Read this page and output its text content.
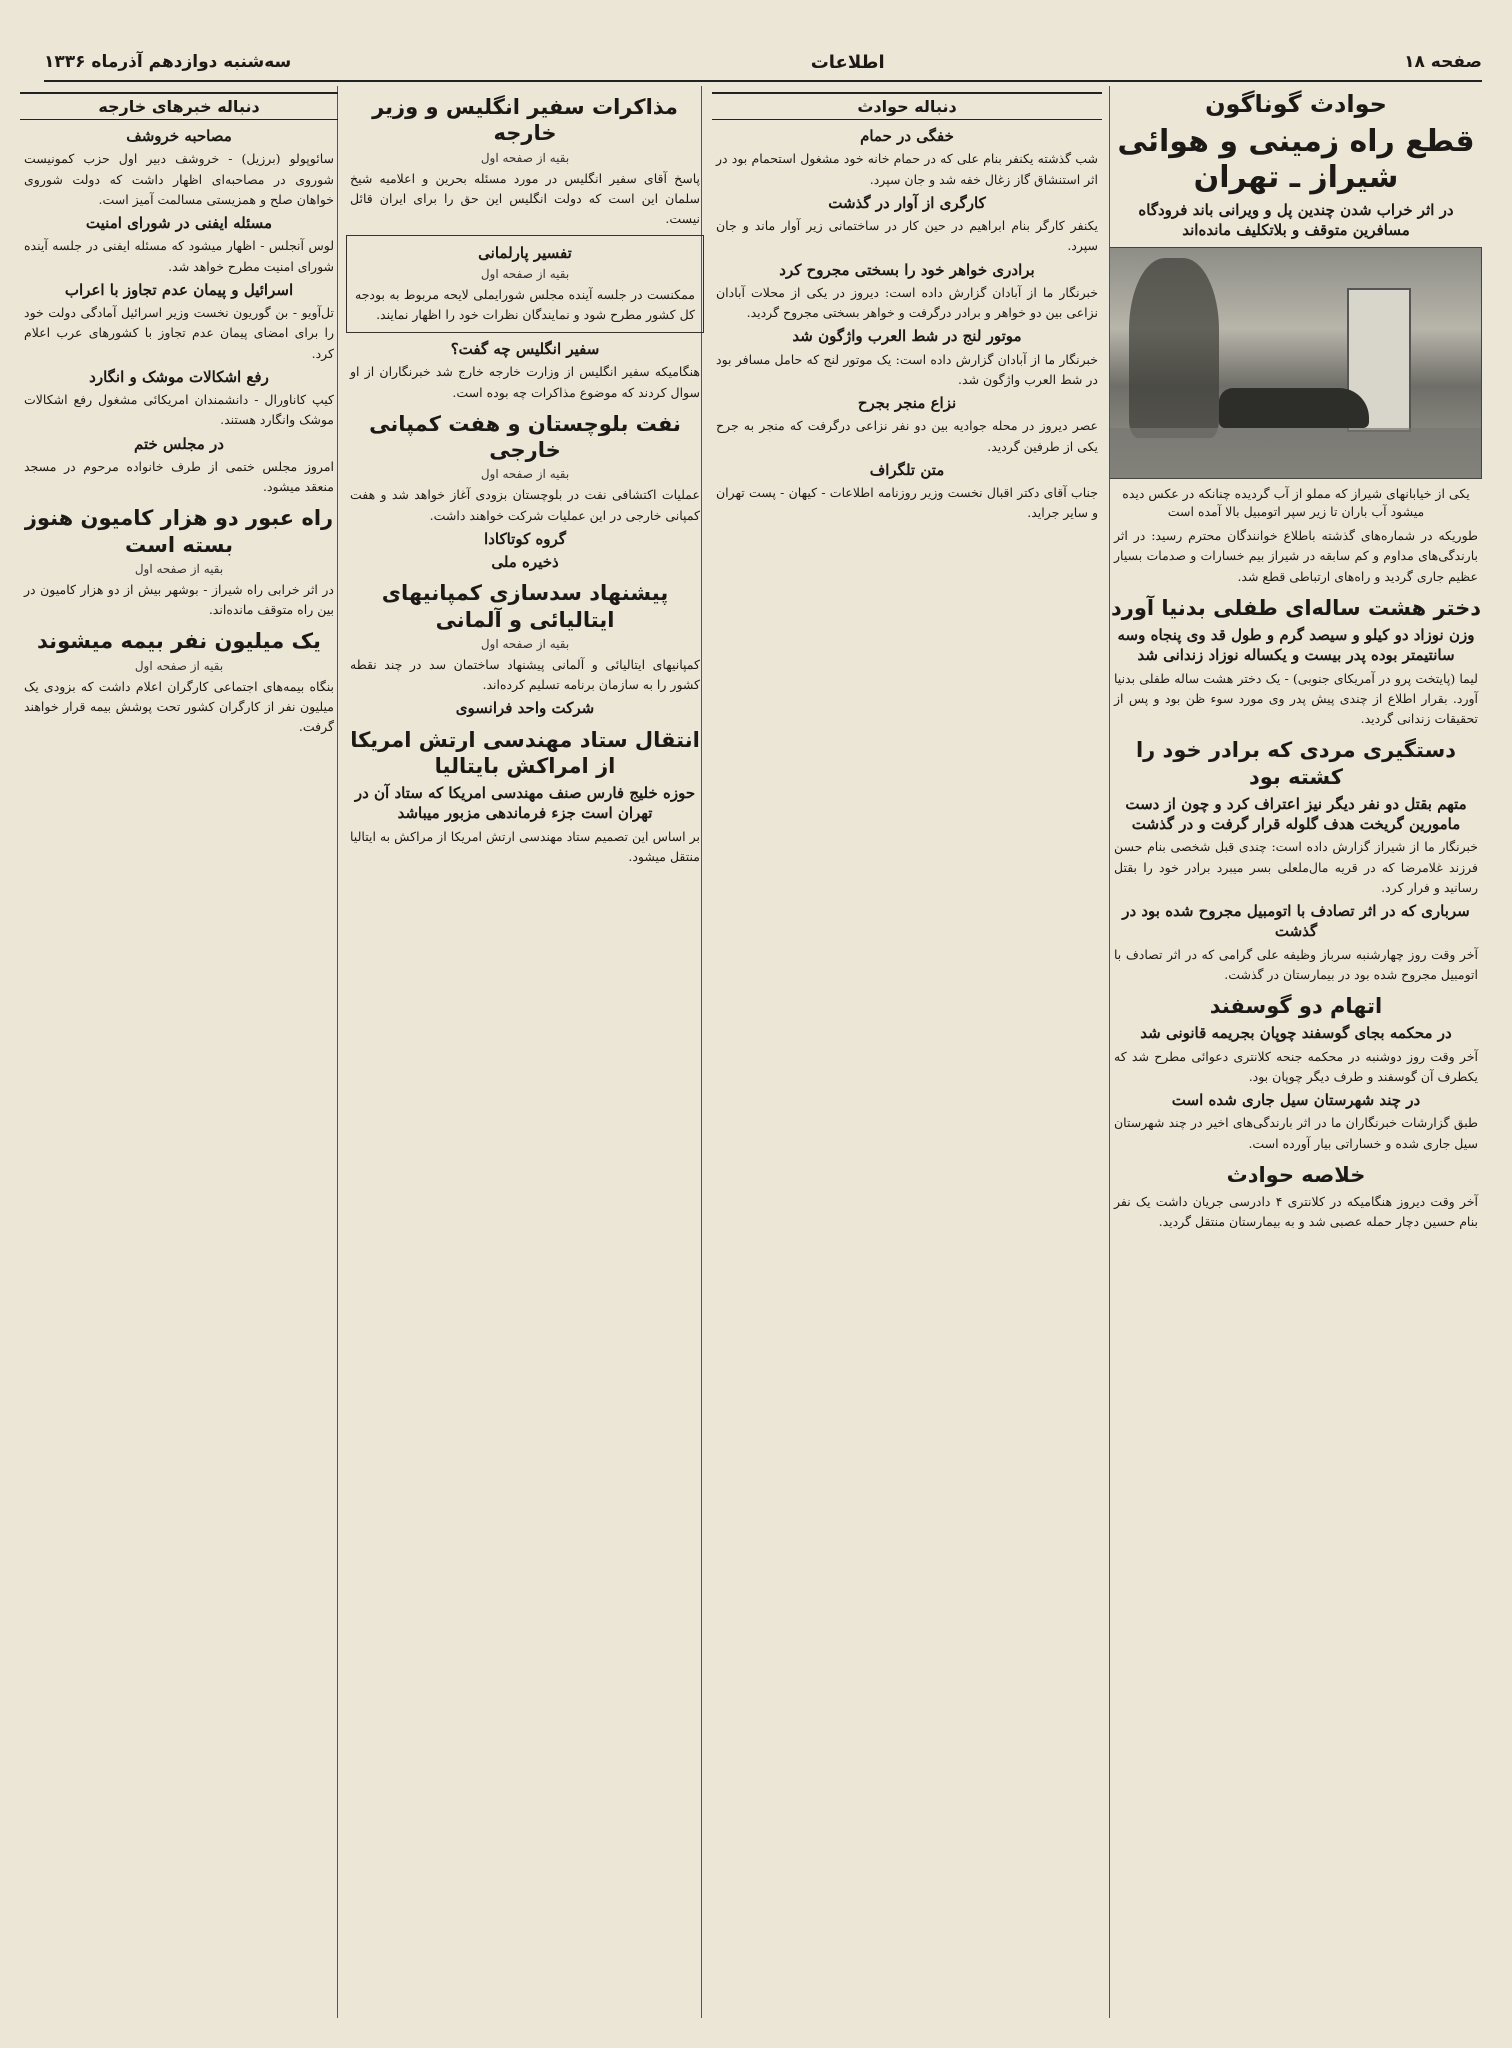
صفحه ۱۸
اطلاعات
سه‌شنبه دوازدهم آذرماه ۱۳۳۶
حوادث گوناگون
قطع راه زمینی و هوائی شیراز ـ تهران
در اثر خراب شدن چندین پل و ویرانی باند فرودگاه مسافرین متوقف و بلاتکلیف مانده‌اند
یکی از خیابانهای شیراز که مملو از آب گردیده چنانکه در عکس دیده میشود آب باران تا زیر سپر اتومبیل بالا آمده است
طوریکه در شماره‌های گذشته باطلاع خوانندگان محترم رسید: در اثر بارندگی‌های مداوم و کم سابقه در شیراز بیم خسارات و صدمات بسیار عظیم جاری گردید و راه‌های ارتباطی قطع شد.
دختر هشت ساله‌ای طفلی بدنیا آورد
وزن نوزاد دو کیلو و سیصد گرم و طول قد وی پنجاه وسه سانتیمتر بوده پدر بیست و یکساله نوزاد زندانی شد
لیما (پایتخت پرو در آمریکای جنوبی) - یک دختر هشت ساله طفلی بدنیا آورد. بقرار اطلاع از چندی پیش پدر وی مورد سوء ظن بود و پس از تحقیقات زندانی گردید.
دستگیری مردی که برادر خود را کشته بود
متهم بقتل دو نفر دیگر نیز اعتراف کرد و چون از دست مامورین گریخت هدف گلوله قرار گرفت و در گذشت
خبرنگار ما از شیراز گزارش داده است: چندی قبل شخصی بنام حسن فرزند غلامرضا که در قریه مال‌ملعلی بسر میبرد برادر خود را بقتل رسانید و فرار کرد.
سرباری که در اثر تصادف با اتومبیل مجروح شده بود در گذشت
آخر وقت روز چهارشنبه سرباز وظیفه علی گرامی که در اثر تصادف با اتومبیل مجروح شده بود در بیمارستان در گذشت.
اتهام دو گوسفند
در محکمه بجای گوسفند چوپان بجریمه قانونی شد
آخر وقت روز دوشنبه در محکمه جنحه کلانتری دعوائی مطرح شد که یکطرف آن گوسفند و طرف دیگر چوپان بود.
در چند شهرستان سیل جاری شده است
طبق گزارشات خبرنگاران ما در اثر بارندگی‌های اخیر در چند شهرستان سیل جاری شده و خساراتی بیار آورده است.
خلاصه حوادث
آخر وقت دیروز هنگامیکه در کلانتری ۴ دادرسی جریان داشت یک نفر بنام حسین دچار حمله عصبی شد و به بیمارستان منتقل گردید.
دنباله حوادث
خفگی در حمام
شب گذشته یکنفر بنام علی که در حمام خانه خود مشغول استحمام بود در اثر استنشاق گاز زغال خفه شد و جان سپرد.
کارگری از آوار در گذشت
یکنفر کارگر بنام ابراهیم در حین کار در ساختمانی زیر آوار ماند و جان سپرد.
برادری خواهر خود را بسختی مجروح کرد
خبرنگار ما از آبادان گزارش داده است: دیروز در یکی از محلات آبادان نزاعی بین دو خواهر و برادر درگرفت و خواهر بسختی مجروح گردید.
موتور لنج در شط العرب واژگون شد
خبرنگار ما از آبادان گزارش داده است: یک موتور لنج که حامل مسافر بود در شط العرب واژگون شد.
نزاع منجر بجرح
عصر دیروز در محله جوادیه بین دو نفر نزاعی درگرفت که منجر به جرح یکی از طرفین گردید.
متن تلگراف
جناب آقای دکتر اقبال نخست وزیر روزنامه اطلاعات - کیهان - پست تهران و سایر جراید.
مذاکرات سفیر انگلیس و وزیر خارجه
بقیه از صفحه اول
پاسخ آقای سفیر انگلیس در مورد مسئله بحرین و اعلامیه شیخ سلمان این است که دولت انگلیس این حق را برای ایران قائل نیست.
تفسیر پارلمانی
بقیه از صفحه اول
ممکنست در جلسه آینده مجلس شورایملی لایحه مربوط به بودجه کل کشور مطرح شود و نمایندگان نظرات خود را اظهار نمایند.
سفیر انگلیس چه گفت؟
هنگامیکه سفیر انگلیس از وزارت خارجه خارج شد خبرنگاران از او سوال کردند که موضوع مذاکرات چه بوده است.
نفت بلوچستان و هفت کمپانی خارجی
بقیه از صفحه اول
عملیات اکتشافی نفت در بلوچستان بزودی آغاز خواهد شد و هفت کمپانی خارجی در این عملیات شرکت خواهند داشت.
گروه کوتاکادا
ذخیره ملی
پیشنهاد سدسازی کمپانیهای ایتالیائی و آلمانی
بقیه از صفحه اول
کمپانیهای ایتالیائی و آلمانی پیشنهاد ساختمان سد در چند نقطه کشور را به سازمان برنامه تسلیم کرده‌اند.
شرکت واحد فرانسوی
انتقال ستاد مهندسی ارتش امریکا از امراکش بایتالیا
حوزه خلیج فارس صنف مهندسی امریکا که ستاد آن در تهران است جزء فرماندهی مزبور میباشد
بر اساس این تصمیم ستاد مهندسی ارتش امریکا از مراکش به ایتالیا منتقل میشود.
دنباله خبرهای خارجه
مصاحبه خروشف
سائوپولو (برزیل) - خروشف دبیر اول حزب کمونیست شوروی در مصاحبه‌ای اظهار داشت که دولت شوروی خواهان صلح و همزیستی مسالمت آمیز است.
مسئله ایفنی در شورای امنیت
لوس آنجلس - اظهار میشود که مسئله ایفنی در جلسه آینده شورای امنیت مطرح خواهد شد.
اسرائیل و پیمان عدم تجاوز با اعراب
تل‌آویو - بن گوریون نخست وزیر اسرائیل آمادگی دولت خود را برای امضای پیمان عدم تجاوز با کشورهای عرب اعلام کرد.
رفع اشکالات موشک و انگارد
کیپ کاناورال - دانشمندان امریکائی مشغول رفع اشکالات موشک وانگارد هستند.
در مجلس ختم
امروز مجلس ختمی از طرف خانواده مرحوم در مسجد منعقد میشود.
راه عبور دو هزار کامیون هنوز بسته است
بقیه از صفحه اول
در اثر خرابی راه شیراز - بوشهر بیش از دو هزار کامیون در بین راه متوقف مانده‌اند.
یک میلیون نفر بیمه میشوند
بقیه از صفحه اول
بنگاه بیمه‌های اجتماعی کارگران اعلام داشت که بزودی یک میلیون نفر از کارگران کشور تحت پوشش بیمه قرار خواهند گرفت.
